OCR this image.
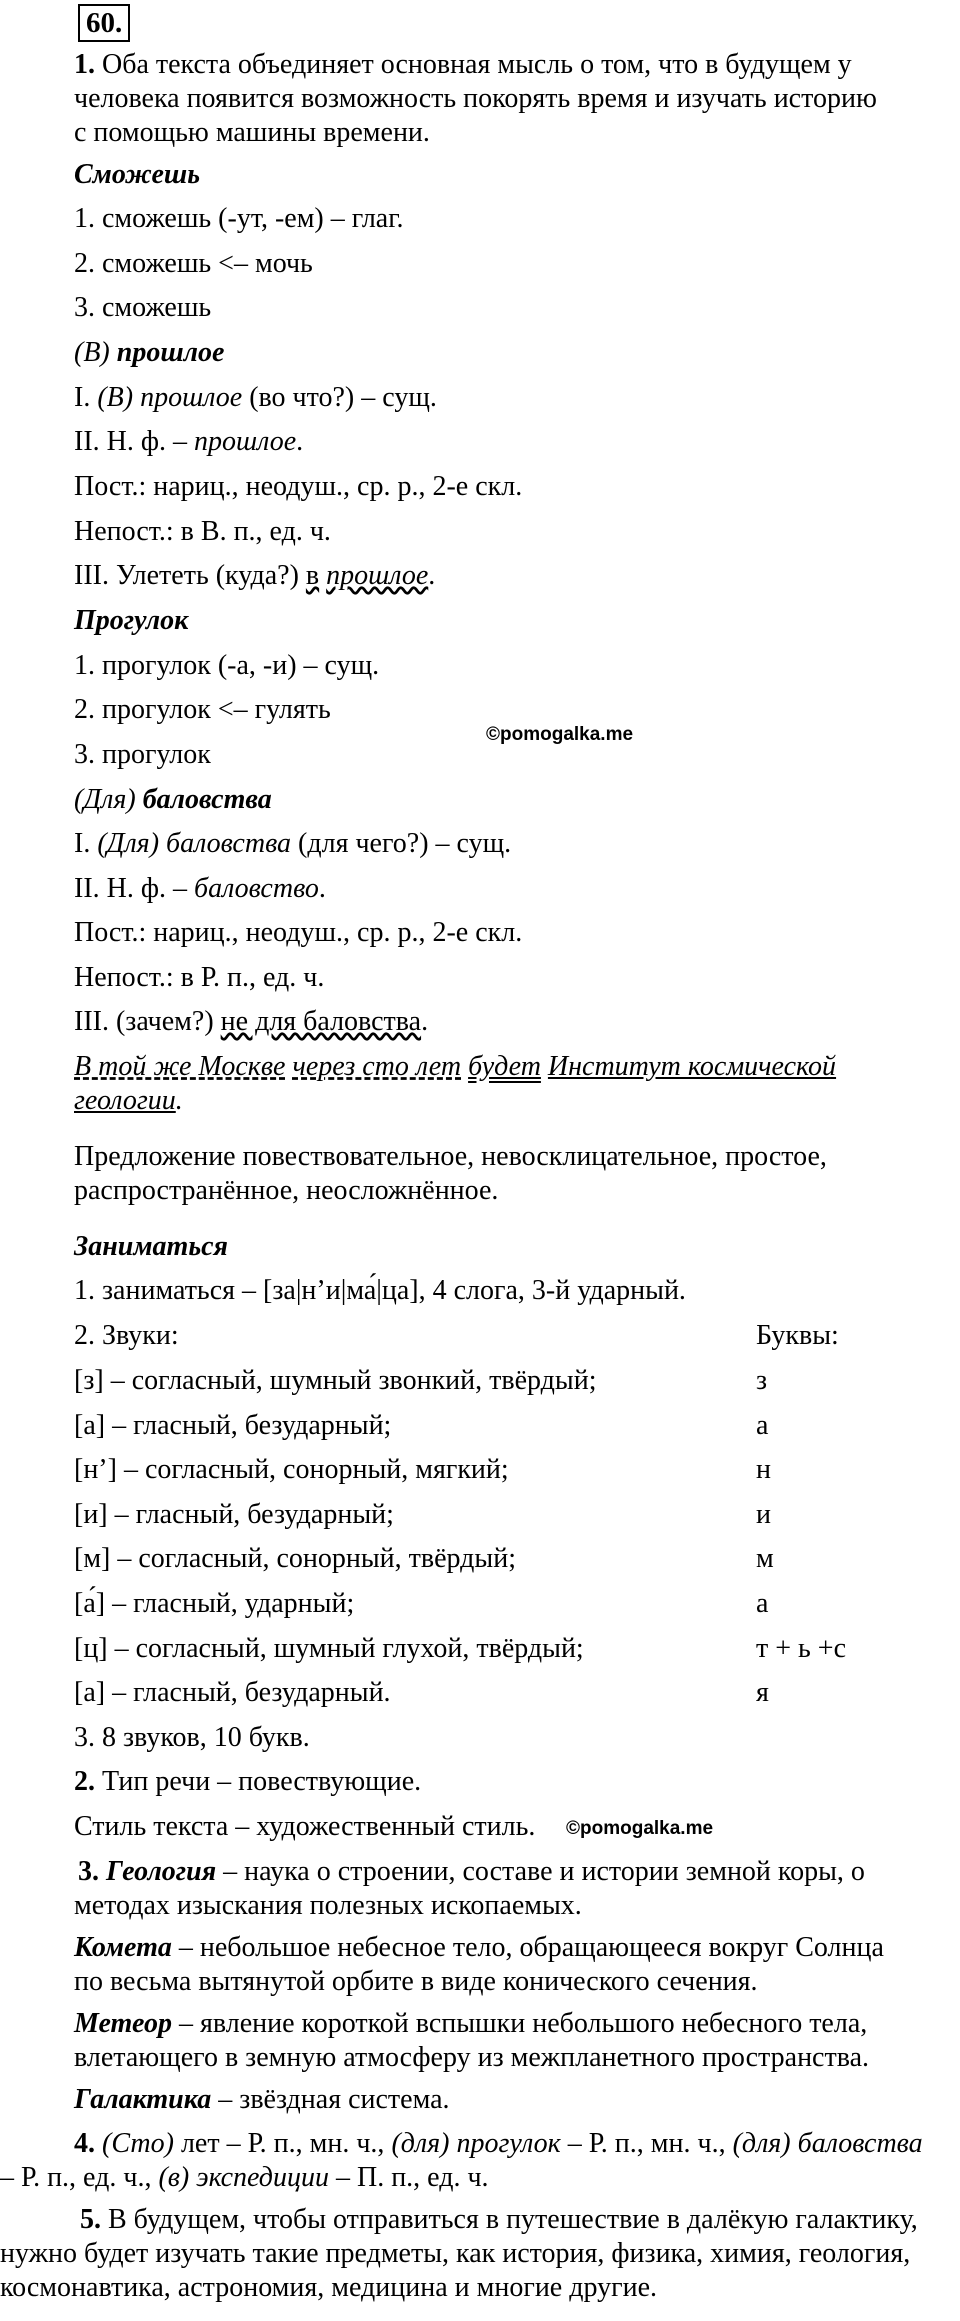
60.
1. Оба текста объединяет основная мысль о том, что в будущем у человека появится возможность покорять время и изучать историю с помощью машины времени.
Сможешь
1. сможешь (-ут, -ем) – глаг.
2. сможешь <– мочь
3. сможешь
(В) прошлое
I. (В) прошлое (во что?) – сущ.
II. Н. ф. – прошлое.
Пост.: нариц., неодуш., ср. р., 2-е скл.
Непост.: в В. п., ед. ч.
III. Улететь (куда?) в прошлое.
Прогулок
1. прогулок (-а, -и) – сущ.
2. прогулок <– гулять
3. прогулок
©pomogalka.me
(Для) баловства
I. (Для) баловства (для чего?) – сущ.
II. Н. ф. – баловство.
Пост.: нариц., неодуш., ср. р., 2-е скл.
Непост.: в Р. п., ед. ч.
III. (зачем?) не для баловства.
В той же Москве через сто лет будет Институт космической геологии.
Предложение повествовательное, невосклицательное, простое, распространённое, неосложнённое.
Заниматься
1. заниматься – [за|н’и|ма́|ца], 4 слога, 3-й ударный.
2. Звуки:	Буквы:
[з] – согласный, шумный звонкий, твёрдый;	з
[а] – гласный, безударный;	а
[н’] – согласный, сонорный, мягкий;	н
[и] – гласный, безударный;	и
[м] – согласный, сонорный, твёрдый;	м
[а́] – гласный, ударный;	а
[ц] – согласный, шумный глухой, твёрдый;	т + ь +с
[а] – гласный, безударный.	я
3. 8 звуков, 10 букв.
2. Тип речи – повествующие.
Стиль текста – художественный стиль. ©pomogalka.me
3. Геология – наука о строении, составе и истории земной коры, о методах изыскания полезных ископаемых.
Комета – небольшое небесное тело, обращающееся вокруг Солнца по весьма вытянутой орбите в виде конического сечения.
Метеор – явление короткой вспышки небольшого небесного тела, влетающего в земную атмосферу из межпланетного пространства.
Галактика – звёздная система.
4. (Сто) лет – Р. п., мн. ч., (для) прогулок – Р. п., мн. ч., (для) баловства – Р. п., ед. ч., (в) экспедиции – П. п., ед. ч.
5. В будущем, чтобы отправиться в путешествие в далёкую галактику, нужно будет изучать такие предметы, как история, физика, химия, геология, космонавтика, астрономия, медицина и многие другие.
